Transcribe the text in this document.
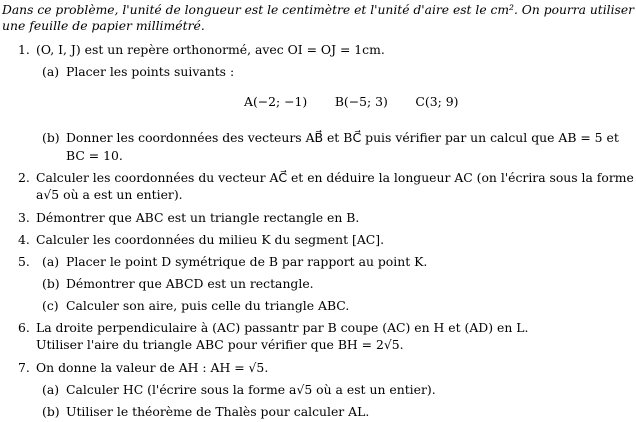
Dans ce problème, l'unité de longueur est le centimètre et l'unité d'aire est le cm². On pourra utiliser
une feuille de papier millimétré.
1. (O, I, J) est un repère orthonormé, avec OI = OJ = 1cm.
(a) Placer les points suivants :
A(−2; −1)       B(−5; 3)       C(3; 9)
(b) Donner les coordonnées des vecteurs AB⃗ et BC⃗ puis vérifier par un calcul que AB = 5 et
BC = 10.
2. Calculer les coordonnées du vecteur AC⃗ et en déduire la longueur AC (on l'écrira sous la forme
a√5 où a est un entier).
3. Démontrer que ABC est un triangle rectangle en B.
4. Calculer les coordonnées du milieu K du segment [AC].
5. (a) Placer le point D symétrique de B par rapport au point K.
(b) Démontrer que ABCD est un rectangle.
(c) Calculer son aire, puis celle du triangle ABC.
6. La droite perpendiculaire à (AC) passantr par B coupe (AC) en H et (AD) en L.
Utiliser l'aire du triangle ABC pour vérifier que BH = 2√5.
7. On donne la valeur de AH : AH = √5.
(a) Calculer HC (l'écrire sous la forme a√5 où a est un entier).
(b) Utiliser le théorème de Thalès pour calculer AL.
